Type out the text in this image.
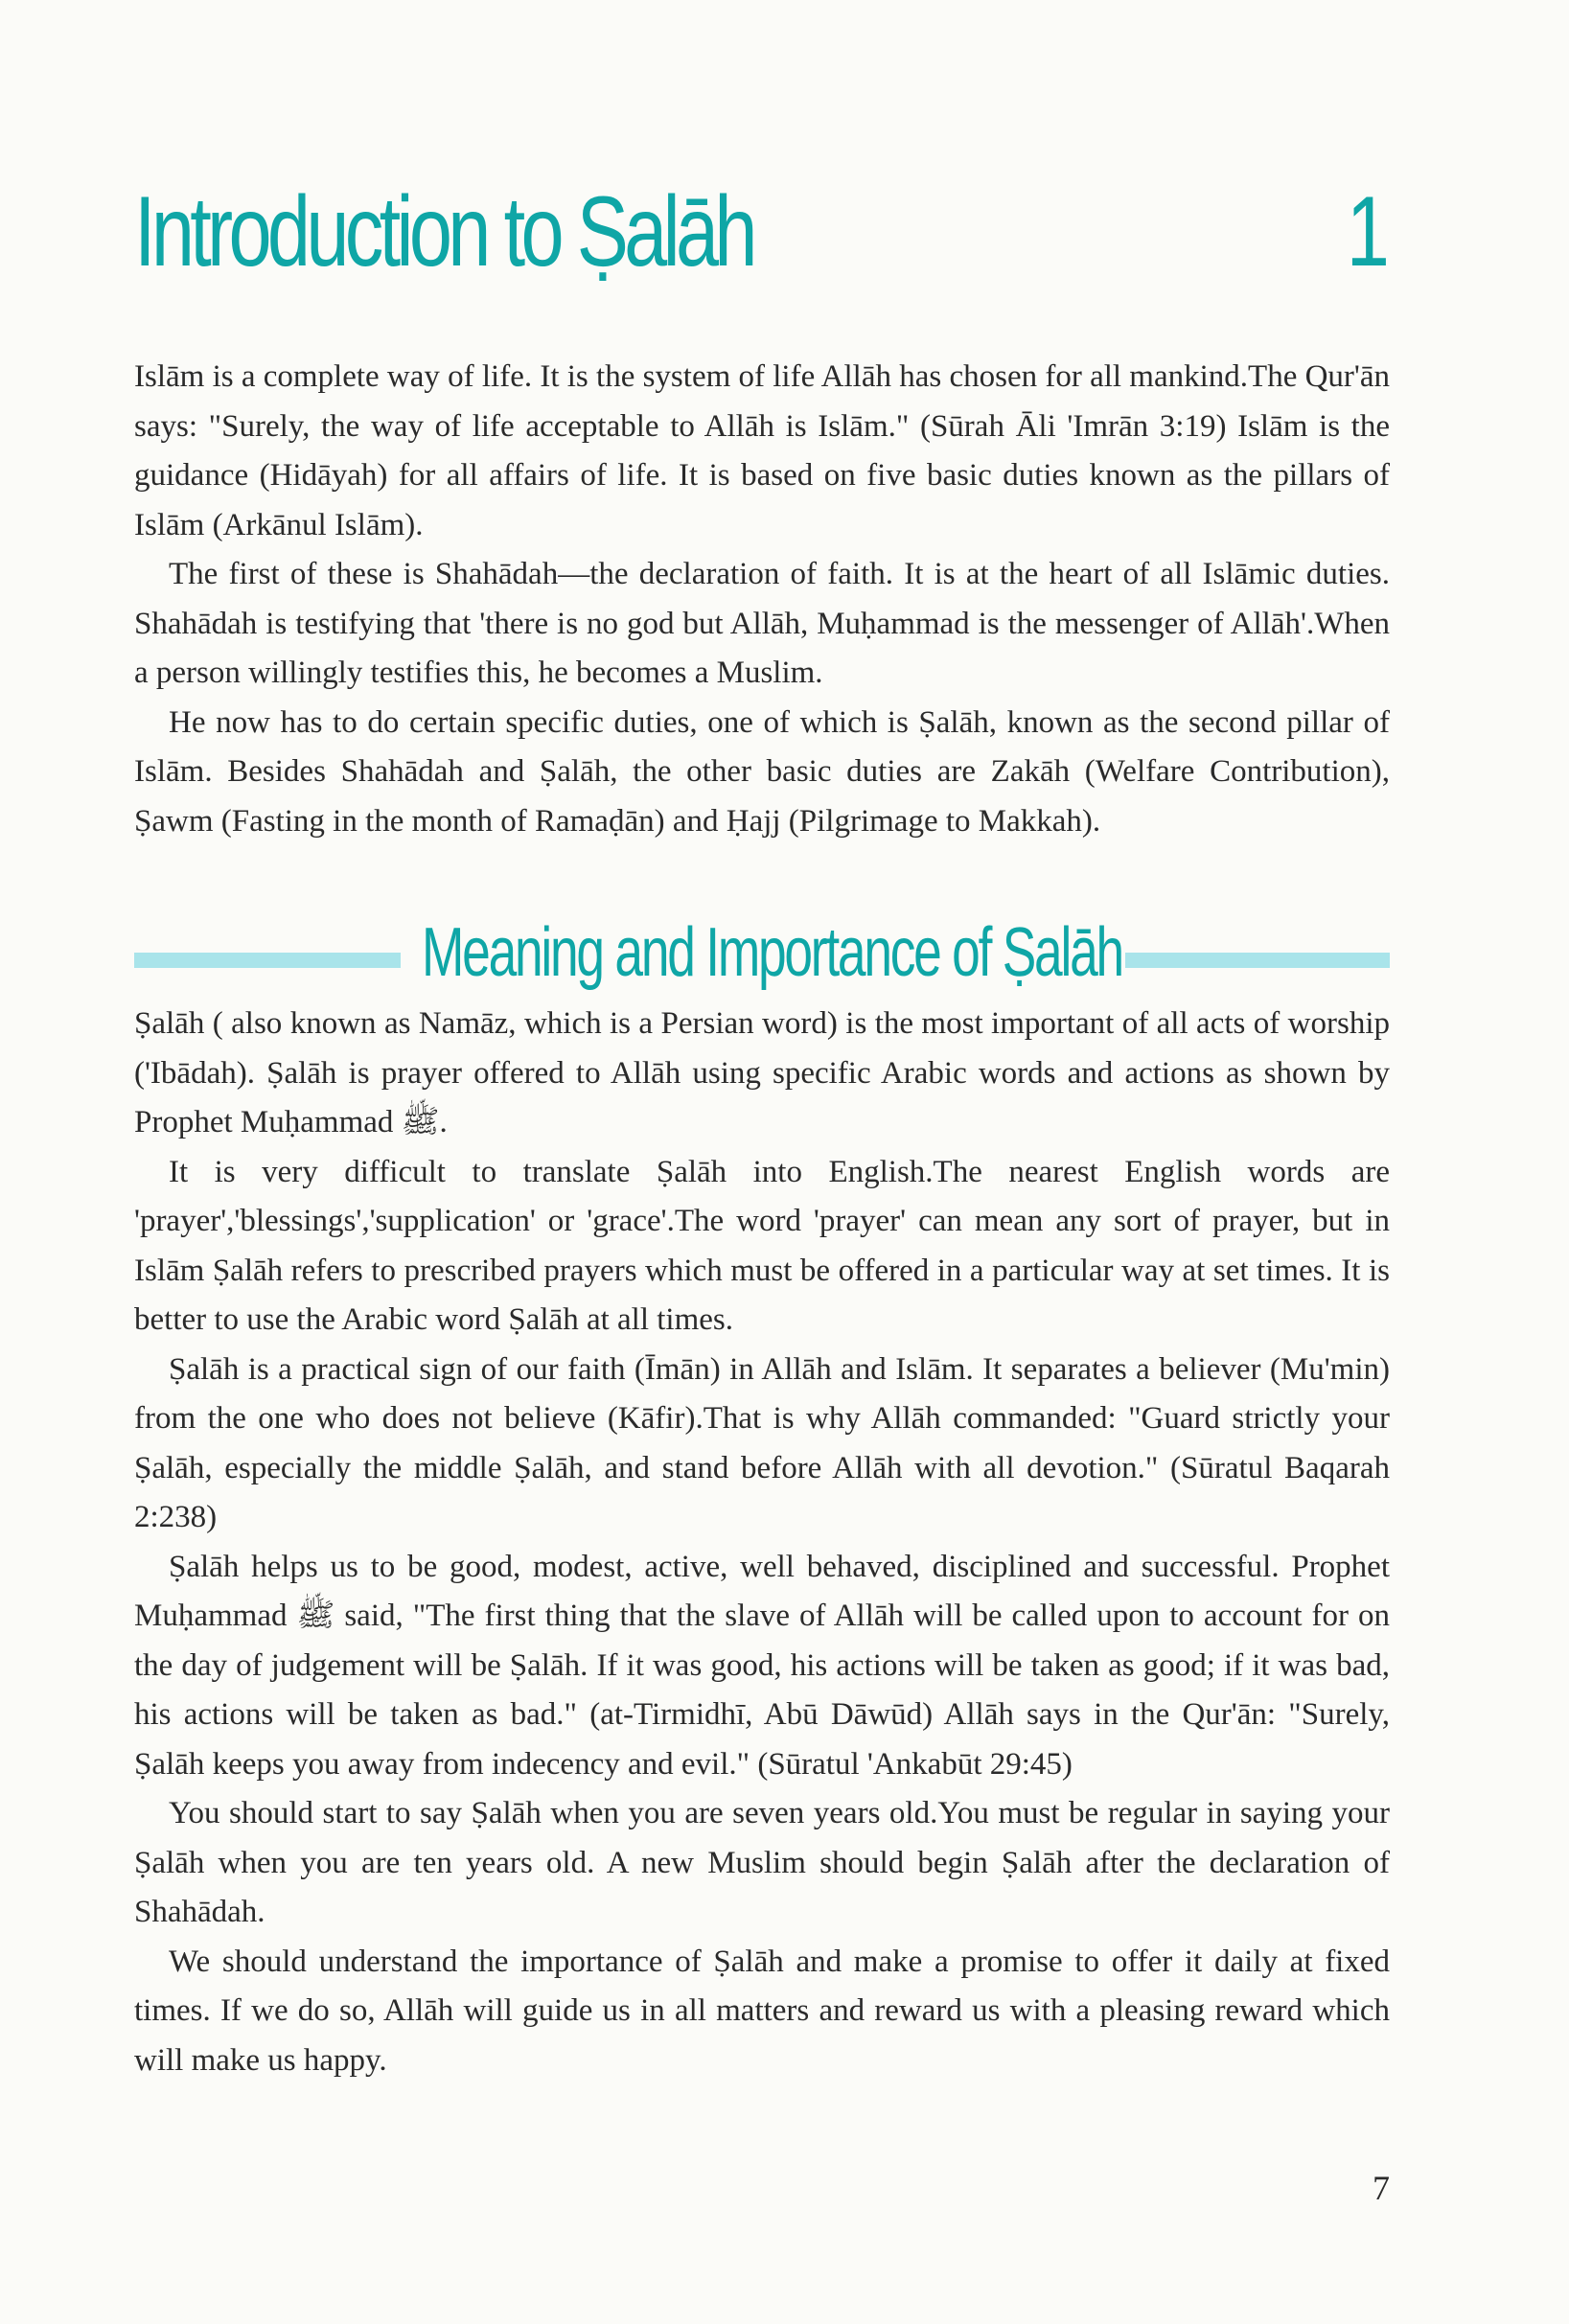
Introduction to Ṣalāh	1

Islām is a complete way of life. It is the system of life Allāh has chosen for all mankind.The Qur'ān says: "Surely, the way of life acceptable to Allāh is Islām." (Sūrah Āli 'Imrān 3:19) Islām is the guidance (Hidāyah) for all affairs of life. It is based on five basic duties known as the pillars of Islām (Arkānul Islām).

The first of these is Shahādah—the declaration of faith. It is at the heart of all Islāmic duties. Shahādah is testifying that 'there is no god but Allāh, Muḥammad is the messenger of Allāh'.When a person willingly testifies this, he becomes a Muslim.

He now has to do certain specific duties, one of which is Ṣalāh, known as the second pillar of Islām. Besides Shahādah and Ṣalāh, the other basic duties are Zakāh (Welfare Contribution), Ṣawm (Fasting in the month of Ramaḍān) and Ḥajj (Pilgrimage to Makkah).

Meaning and Importance of Ṣalāh

Ṣalāh ( also known as Namāz, which is a Persian word) is the most important of all acts of worship ('Ibādah). Ṣalāh is prayer offered to Allāh using specific Arabic words and actions as shown by Prophet Muḥammad ﷺ.

It is very difficult to translate Ṣalāh into English.The nearest English words are 'prayer','blessings','supplication' or 'grace'.The word 'prayer' can mean any sort of prayer, but in Islām Ṣalāh refers to prescribed prayers which must be offered in a particular way at set times. It is better to use the Arabic word Ṣalāh at all times.

Ṣalāh is a practical sign of our faith (Īmān) in Allāh and Islām. It separates a believer (Mu'min) from the one who does not believe (Kāfir).That is why Allāh commanded: "Guard strictly your Ṣalāh, especially the middle Ṣalāh, and stand before Allāh with all devotion." (Sūratul Baqarah 2:238)

Ṣalāh helps us to be good, modest, active, well behaved, disciplined and successful. Prophet Muḥammad ﷺ said, "The first thing that the slave of Allāh will be called upon to account for on the day of judgement will be Ṣalāh. If it was good, his actions will be taken as good; if it was bad, his actions will be taken as bad." (at-Tirmidhī, Abū Dāwūd) Allāh says in the Qur'ān: "Surely, Ṣalāh keeps you away from indecency and evil." (Sūratul 'Ankabūt 29:45)

You should start to say Ṣalāh when you are seven years old.You must be regular in saying your Ṣalāh when you are ten years old. A new Muslim should begin Ṣalāh after the declaration of Shahādah.

We should understand the importance of Ṣalāh and make a promise to offer it daily at fixed times. If we do so, Allāh will guide us in all matters and reward us with a pleasing reward which will make us happy.

7
